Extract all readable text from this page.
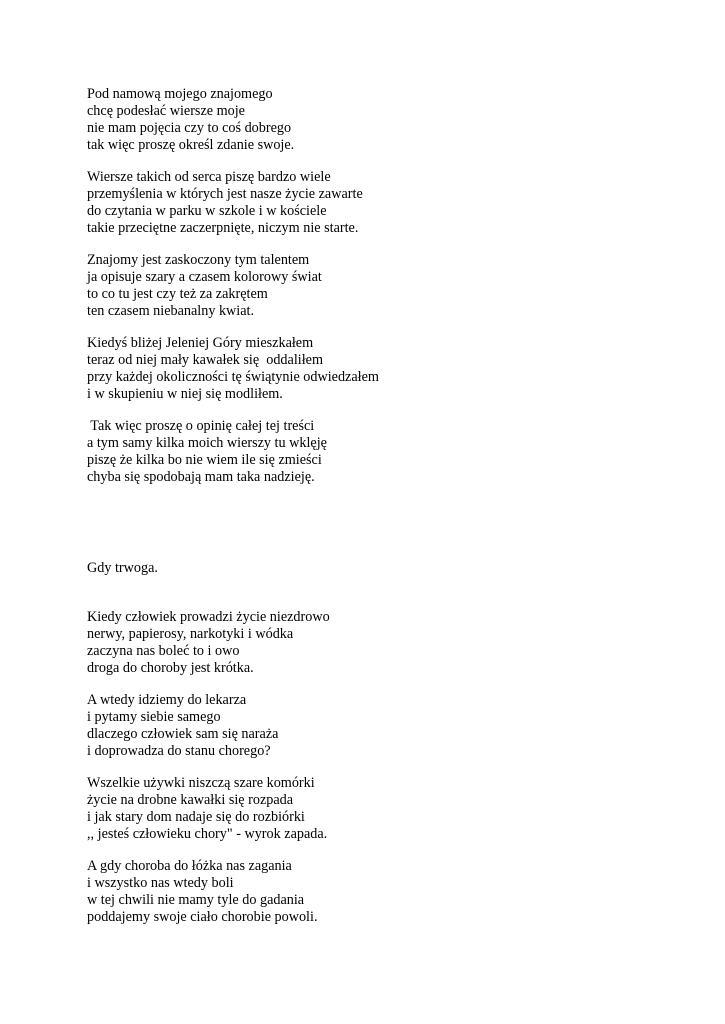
Pod namową mojego znajomego
chcę podesłać wiersze moje
nie mam pojęcia czy to coś dobrego
tak więc proszę określ zdanie swoje.
Wiersze takich od serca piszę bardzo wiele
przemyślenia w których jest nasze życie zawarte
do czytania w parku w szkole i w kościele
takie przeciętne zaczerpnięte, niczym nie starte.
Znajomy jest zaskoczony tym talentem
ja opisuje szary a czasem kolorowy świat
to co tu jest czy też za zakrętem
ten czasem niebanalny kwiat.
Kiedyś bliżej Jeleniej Góry mieszkałem
teraz od niej mały kawałek się  oddaliłem
przy każdej okoliczności tę świątynie odwiedzałem
i w skupieniu w niej się modliłem.
Tak więc proszę o opinię całej tej treści
a tym samy kilka moich wierszy tu wklęję
piszę że kilka bo nie wiem ile się zmieści
chyba się spodobają mam taka nadzieję.
Gdy trwoga.
Kiedy człowiek prowadzi życie niezdrowo
nerwy, papierosy, narkotyki i wódka
zaczyna nas boleć to i owo
droga do choroby jest krótka.
A wtedy idziemy do lekarza
i pytamy siebie samego
dlaczego człowiek sam się naraża
i doprowadza do stanu chorego?
Wszelkie używki niszczą szare komórki
życie na drobne kawałki się rozpada
i jak stary dom nadaje się do rozbiórki
,, jesteś człowieku chory" - wyrok zapada.
A gdy choroba do łóżka nas zagania
i wszystko nas wtedy boli
w tej chwili nie mamy tyle do gadania
poddajemy swoje ciało chorobie powoli.
